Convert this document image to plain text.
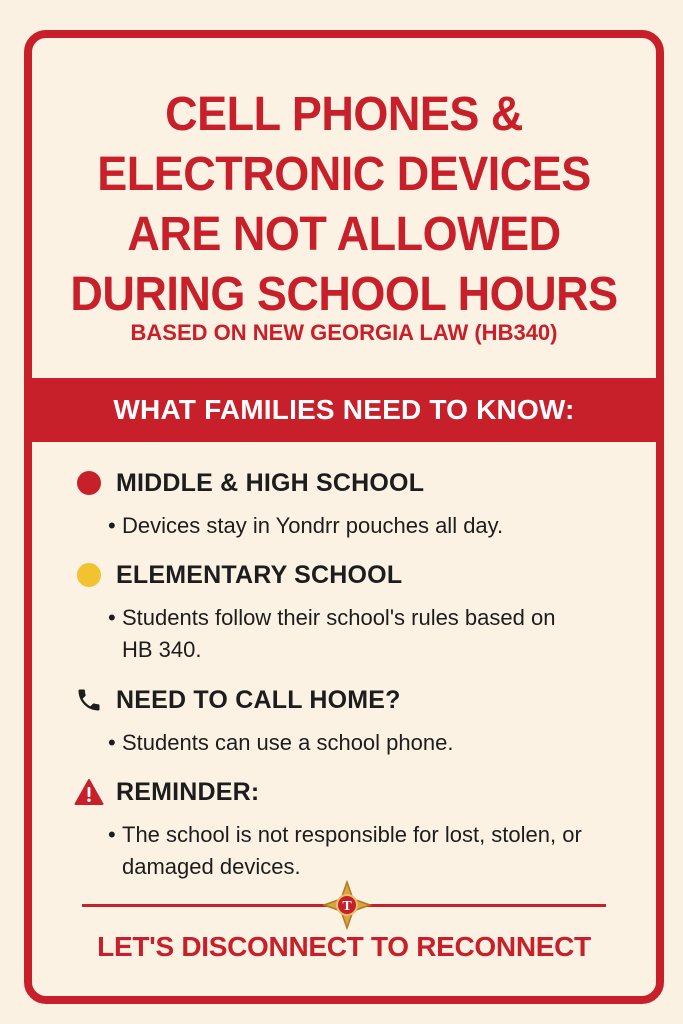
CELL PHONES &
ELECTRONIC DEVICES
ARE NOT ALLOWED
DURING SCHOOL HOURS
BASED ON NEW GEORGIA LAW (HB340)
WHAT FAMILIES NEED TO KNOW:
MIDDLE & HIGH SCHOOL
• Devices stay in Yondrr pouches all day.
ELEMENTARY SCHOOL
• Students follow their school's rules based on HB 340.
NEED TO CALL HOME?
• Students can use a school phone.
REMINDER:
• The school is not responsible for lost, stolen, or damaged devices.
T
LET'S DISCONNECT TO RECONNECT
